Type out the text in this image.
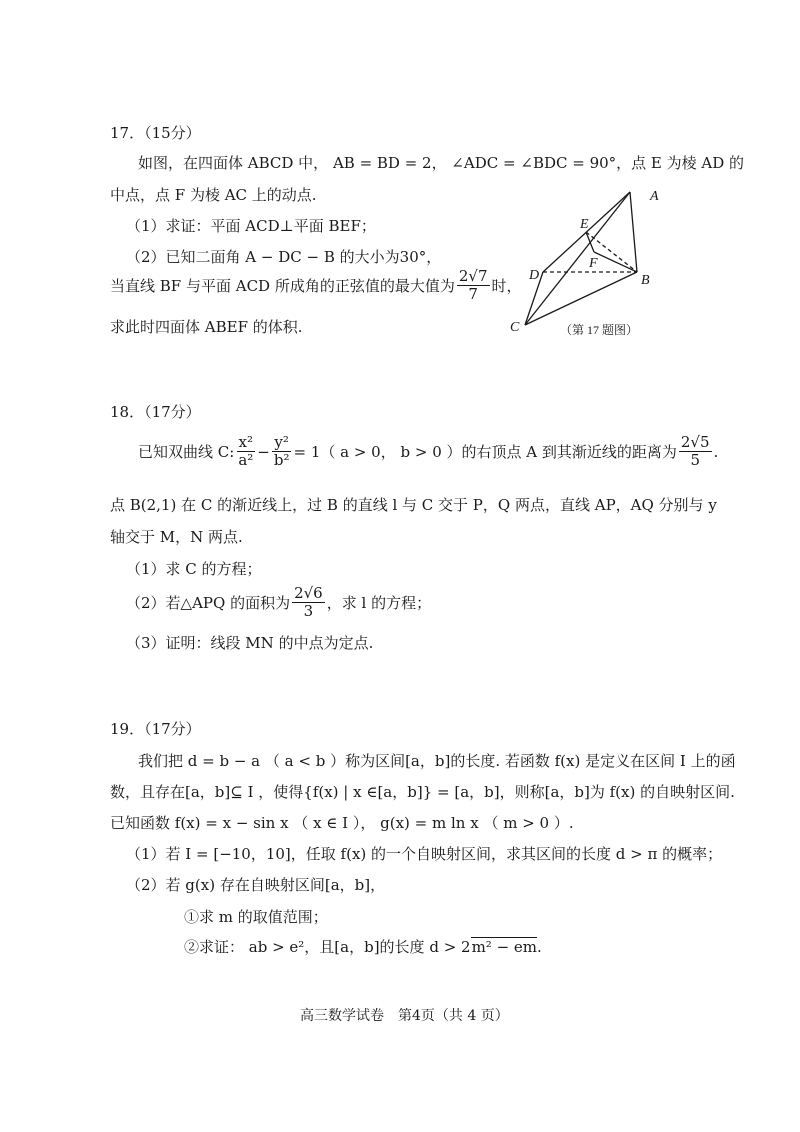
17．（15分）
如图，在四面体 ABCD 中， AB = BD = 2， ∠ADC = ∠BDC = 90°，点 E 为棱 AD 的
中点，点 F 为棱 AC 上的动点.
（1）求证：平面 ACD⊥平面 BEF；
（2）已知二面角 A − DC − B 的大小为30°，
当直线 BF 与平面 ACD 所成角的正弦值的最大值为 $\frac{2√7}{7}$ 时，
求此时四面体 ABEF 的体积.
A
B
C
D
E
F
（第 17 题图）
18．（17分）
已知双曲线 C: $\frac{\text{x²}}{\text{a²}} - \frac{\text{y²}}{\text{b²}} = 1$（ a > 0， b > 0 ）的右顶点 A 到其渐近线的距离为 $\frac{2√5}{5}$ .
点 B(2,1) 在 C 的渐近线上，过 B 的直线 l 与 C 交于 P，Q 两点，直线 AP，AQ 分别与 y
轴交于 M，N 两点.
（1）求 C 的方程；
（2）若△APQ 的面积为 $\frac{2√6}{3}$ ，求 l 的方程；
（3）证明：线段 MN 的中点为定点.
19．（17分）
我们把 d = b − a （ a < b ）称为区间[a，b]的长度. 若函数 f(x) 是定义在区间 I 上的函
数，且存在[a，b]⊆ I ，使得{f(x) | x ∈[a，b]} = [a，b]，则称[a，b]为 f(x) 的自映射区间.
已知函数 f(x) = x − sin x （ x ∈ I ）， g(x) = m ln x （ m > 0 ）.
（1）若 I = [−10，10]，任取 f(x) 的一个自映射区间，求其区间的长度 d > π 的概率；
（2）若 g(x) 存在自映射区间[a，b]，
①求 m 的取值范围；
②求证： ab > e²，且[a，b]的长度 d > 2m² − em.
高三数学试卷　第4页（共 4 页）
